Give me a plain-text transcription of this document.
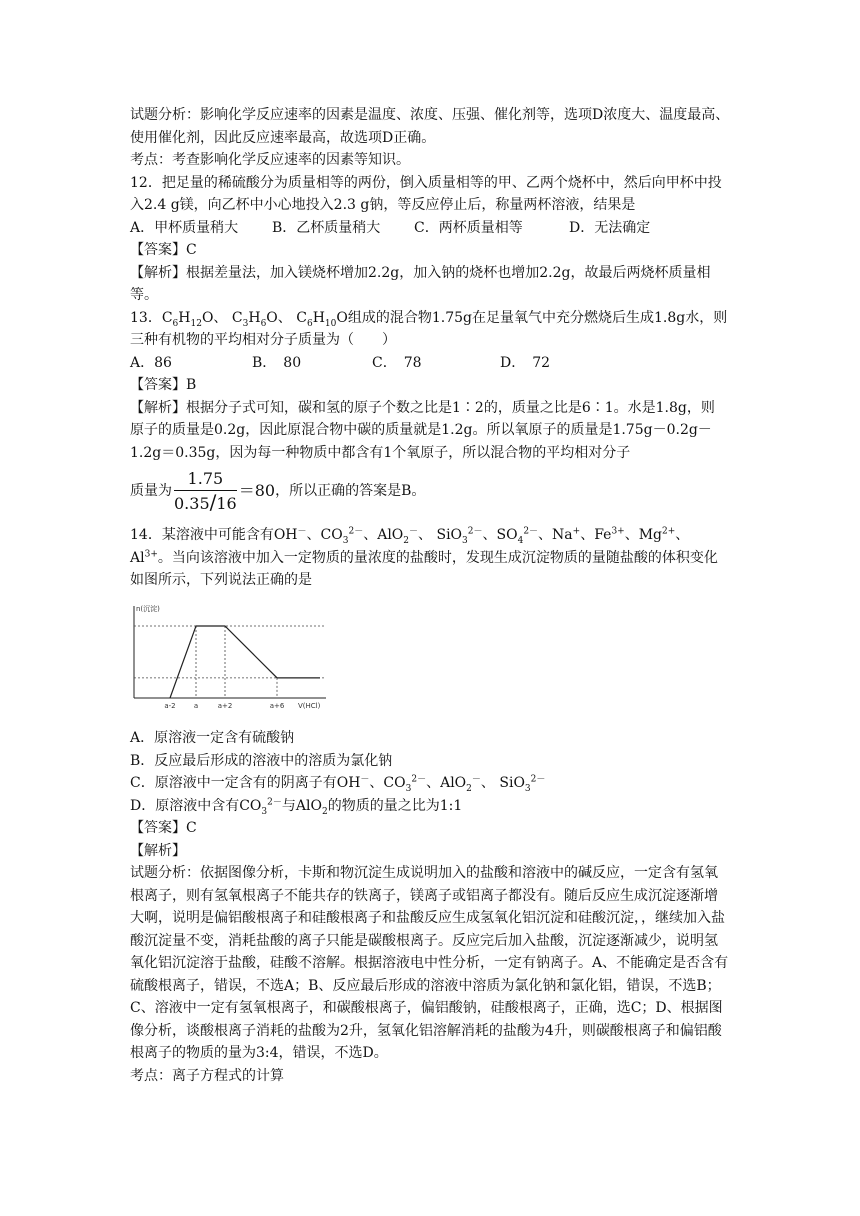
试题分析：影响化学反应速率的因素是温度、浓度、压强、催化剂等，选项D浓度大、温度最高、使用催化剂，因此反应速率最高，故选项D正确。

考点：考查影响化学反应速率的因素等知识。

12．把足量的稀硫酸分为质量相等的两份，倒入质量相等的甲、乙两个烧杯中，然后向甲杯中投入2.4 g镁，向乙杯中小心地投入2.3 g钠，等反应停止后，称量两杯溶液，结果是

A．甲杯质量稍大	B．乙杯质量稍大	C．两杯质量相等	D．无法确定

【答案】C

【解析】根据差量法，加入镁烧杯增加2.2g，加入钠的烧杯也增加2.2g，故最后两烧杯质量相等。

13．$C_6H_{12}O$、 $C_3H_6O$、 $C_6H_{10}O$组成的混合物1.75g在足量氧气中充分燃烧后生成1.8g水，则三种有机物的平均相对分子质量为（　　）

A．86	B．　80	C．　78	D．　72

【答案】B

【解析】根据分子式可知，碳和氢的原子个数之比是1∶2的，质量之比是6∶1。水是1.8g，则　原子的质量是0.2g，因此原混合物中碳的质量就是1.2g。所以氧原子的质量是1.75g－0.2g－1.2g＝0.35g，因为每一种物质中都含有1个氧原子，所以混合物的平均相对分子

质量为 $\frac{1.75}{0.35∕16} =80$ ，所以正确的答案是B。

14．某溶液中可能含有OH－、$CO_3^{2-}$、AlO$_2$－、 SiO$_3^{2-}$、$SO_4^{2-}$、Na+、$Fe^{3+}$、$Mg^{2+}$、$Al^{3+}$。当向该溶液中加入一定物质的量浓度的盐酸时，发现生成沉淀物质的量随盐酸的体积变化如图所示，下列说法正确的是

n(沉淀)
V(HCl)
a-2	a	a+2	a+6

A．原溶液一定含有硫酸钠

B．反应最后形成的溶液中的溶质为氯化钠

C．原溶液中一定含有的阴离子有OH－、$CO_3^{2-}$、AlO$_2$－、 SiO$_3^{2-}$

D．原溶液中含有$CO_3^{2-}$与AlO$_2$的物质的量之比为1:1

【答案】C

【解析】

试题分析：依据图像分析，卡斯和物沉淀生成说明加入的盐酸和溶液中的碱反应，一定含有氢氧根离子，则有氢氧根离子不能共存的铁离子，镁离子或铝离子都没有。随后反应生成沉淀逐渐增大啊，说明是偏铝酸根离子和硅酸根离子和盐酸反应生成氢氧化铝沉淀和硅酸沉淀，，继续加入盐酸沉淀量不变，消耗盐酸的离子只能是碳酸根离子。反应完后加入盐酸，沉淀逐渐减少，说明氢氧化铝沉淀溶于盐酸，硅酸不溶解。根据溶液电中性分析，一定有钠离子。A、不能确定是否含有硫酸根离子，错误，不选A；B、反应最后形成的溶液中溶质为氯化钠和氯化铝，错误，不选B；C、溶液中一定有氢氧根离子，和碳酸根离子，偏铝酸钠，硅酸根离子，正确，选C；D、根据图像分析，谈酸根离子消耗的盐酸为2升，氢氧化铝溶解消耗的盐酸为4升，则碳酸根离子和偏铝酸根离子的物质的量为3:4，错误，不选D。

考点：离子方程式的计算
